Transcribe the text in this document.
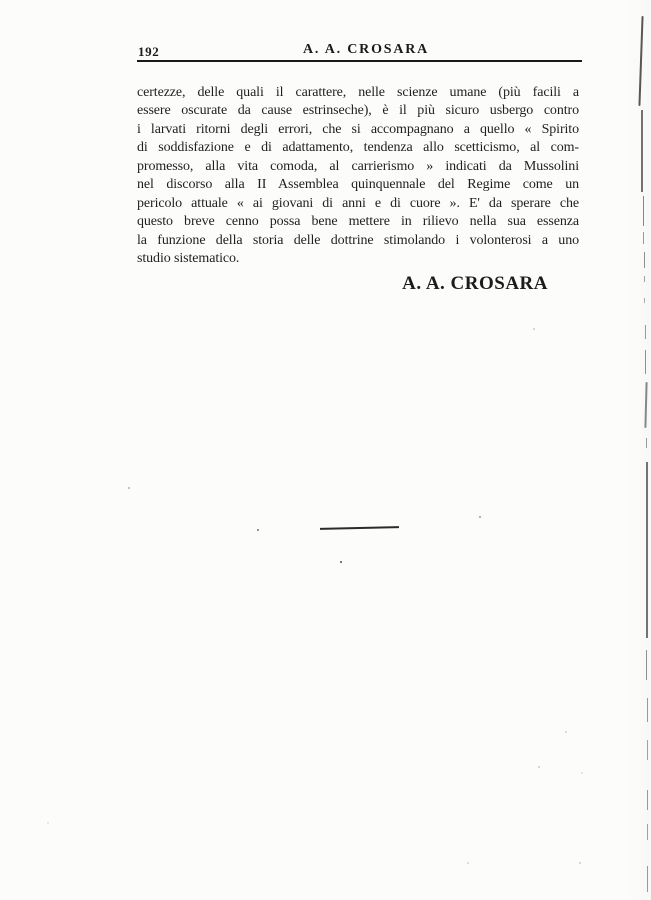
192	A. A. CROSARA
certezze, delle quali il carattere, nelle scienze umane (più facili a
essere oscurate da cause estrinseche), è il più sicuro usbergo contro
i larvati ritorni degli errori, che si accompagnano a quello « Spirito
di soddisfazione e di adattamento, tendenza allo scetticismo, al com-
promesso, alla vita comoda, al carrierismo » indicati da Mussolini
nel discorso alla II Assemblea quinquennale del Regime come un
pericolo attuale « ai giovani di anni e di cuore ». E' da sperare che
questo breve cenno possa bene mettere in rilievo nella sua essenza
la funzione della storia delle dottrine stimolando i volonterosi a uno
studio sistematico.
A. A. CROSARA
